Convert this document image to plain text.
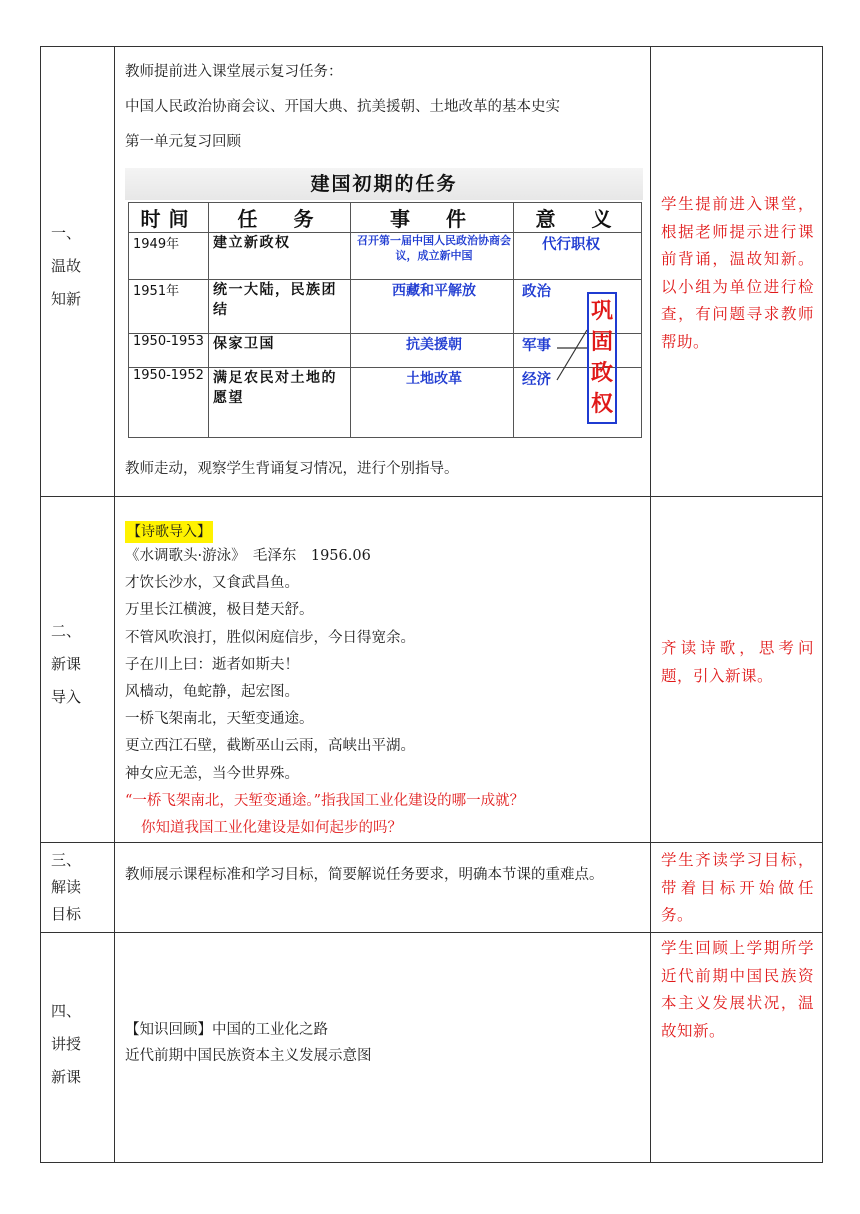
一、
温故
知新

教师提前进入课堂展示复习任务：
中国人民政治协商会议、开国大典、抗美援朝、土地改革的基本史实
第一单元复习回顾
建国初期的任务
时间	任　务	事　件	意　义
1949年	建立新政权	召开第一届中国人民政治协商会议，成立新中国	代行职权
1951年	统一大陆，民族团结	西藏和平解放	政治
1950-1953	保家卫国	抗美援朝	军事
1950-1952	满足农民对土地的愿望	土地改革	经济
巩固政权
教师走动，观察学生背诵复习情况，进行个别指导。

学生提前进入课堂，根据老师提示进行课前背诵，温故知新。以小组为单位进行检查，有问题寻求教师帮助。

二、
新课
导入
	【诗歌导入】
《水调歌头·游泳》　毛泽东　1956.06
才饮长沙水，又食武昌鱼。
万里长江横渡，极目楚天舒。
不管风吹浪打，胜似闲庭信步，今日得宽余。
子在川上曰：逝者如斯夫！
风樯动，龟蛇静，起宏图。
一桥飞架南北，天堑变通途。
更立西江石壁，截断巫山云雨，高峡出平湖。
神女应无恙，当今世界殊。
“一桥飞架南北，天堑变通途。”指我国工业化建设的哪一成就？
你知道我国工业化建设是如何起步的吗？

齐读诗歌，思考问题，引入新课。

三、
解读
目标

教师展示课程标准和学习目标，简要解说任务要求，明确本节课的重难点。

学生齐读学习目标，带着目标开始做任务。

四、
讲授
新课

【知识回顾】中国的工业化之路
近代前期中国民族资本主义发展示意图

学生回顾上学期所学近代前期中国民族资本主义发展状况，温故知新。
